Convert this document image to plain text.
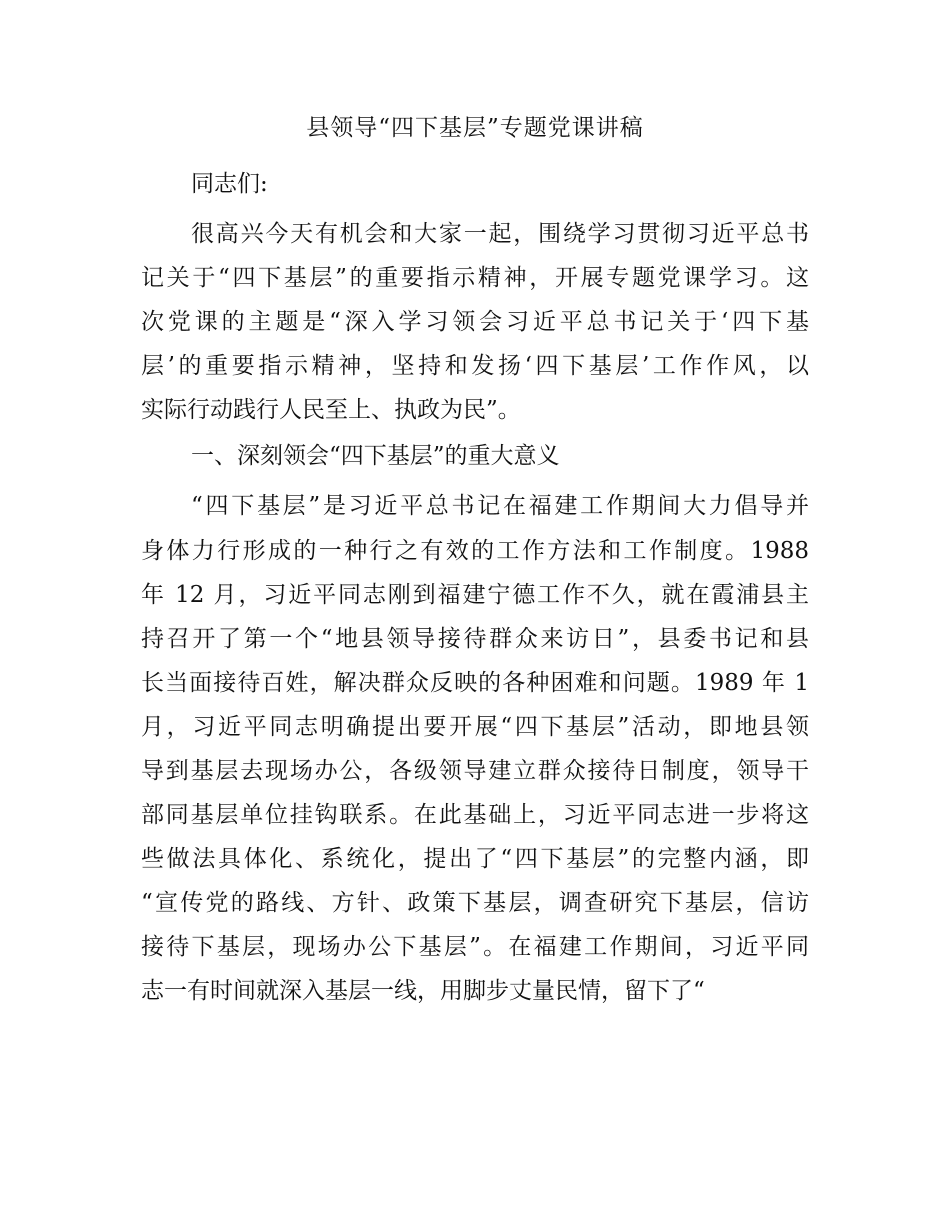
县领导“四下基层”专题党课讲稿
同志们:
很高兴今天有机会和大家一起，围绕学习贯彻习近平总书
记关于“四下基层”的重要指示精神，开展专题党课学习。这
次党课的主题是“深入学习领会习近平总书记关于‘四下基
层’的重要指示精神，坚持和发扬‘四下基层’工作作风，以
实际行动践行人民至上、执政为民”。
一、深刻领会“四下基层”的重大意义
“四下基层”是习近平总书记在福建工作期间大力倡导并
身体力行形成的一种行之有效的工作方法和工作制度。1988
年 12 月，习近平同志刚到福建宁德工作不久，就在霞浦县主
持召开了第一个“地县领导接待群众来访日”，县委书记和县
长当面接待百姓，解决群众反映的各种困难和问题。1989 年 1
月，习近平同志明确提出要开展“四下基层”活动，即地县领
导到基层去现场办公，各级领导建立群众接待日制度，领导干
部同基层单位挂钩联系。在此基础上，习近平同志进一步将这
些做法具体化、系统化，提出了“四下基层”的完整内涵，即
“宣传党的路线、方针、政策下基层，调查研究下基层，信访
接待下基层，现场办公下基层”。在福建工作期间，习近平同
志一有时间就深入基层一线，用脚步丈量民情，留下了“
